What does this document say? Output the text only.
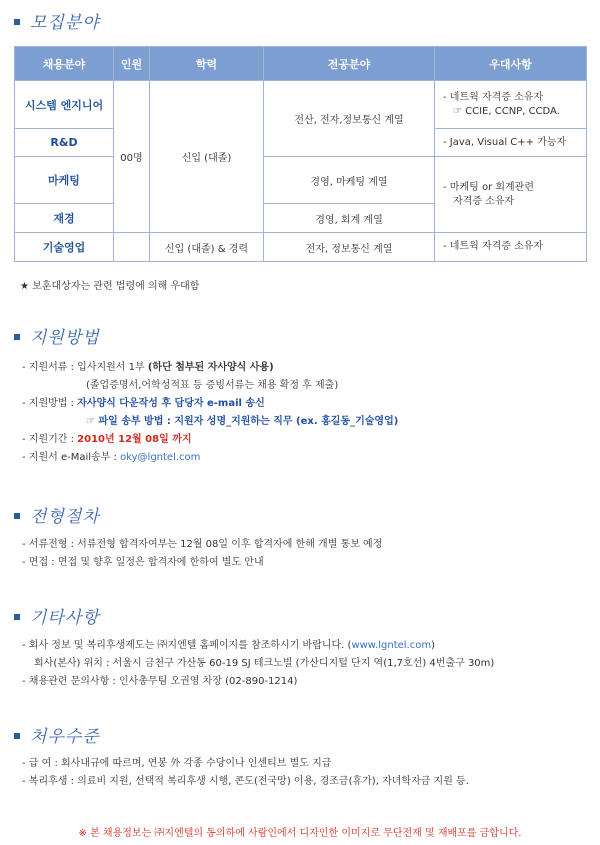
모집분야
채용분야	인원	학력	전공분야	우대사항
시스템 엔지니어	00명	신입 (대졸)	전산, 전자,정보통신 계열	- 네트웍 자격증 소유자
☞ CCIE, CCNP, CCDA.

R&D				- Java, Visual C++ 가능자
마케팅			경영, 마케팅 계열	- 마케팅 or 회계관련
자격증 소유자

재경			경영, 회계 계열	
기술영업		신입 (대졸) & 경력	전자, 정보통신 계열	- 네트웍 자격증 소유자
★ 보훈대상자는 관련 법령에 의해 우대함
지원방법
- 지원서류 : 입사지원서 1부 (하단 첨부된 자사양식 사용)
(졸업증명서,어학성적표 등 증빙서류는 채용 확정 후 제출)
- 지원방법 : 자사양식 다운작성 후 담당자 e-mail 송신
☞ 파일 송부 방법 : 지원자 성명_지원하는 직무 (ex. 홍길동_기술영업)
- 지원기간 : 2010년 12월 08일 까지
- 지원서 e-Mail송부 : oky@lgntel.com
전형절차
- 서류전형 : 서류전형 합격자여부는 12월 08일 이후 합격자에 한해 개별 통보 예정
- 면접 : 면접 및 향후 일정은 합격자에 한하여 별도 안내
기타사항
- 회사 정보 및 복리후생제도는 ㈜지엔텔 홈페이지를 참조하시기 바랍니다. (www.lgntel.com)
회사(본사) 위치 : 서울시 금천구 가산동 60-19 SJ 테크노빌 (가산디지털 단지 역(1,7호선) 4번출구 30m)
- 채용관련 문의사항 : 인사총무팀 오권영 차장 (02-890-1214)
처우수준
- 급 여 : 회사내규에 따르며, 연봉 外 각종 수당이나 인센티브 별도 지급
- 복리후생 : 의료비 지원, 선택적 복리후생 시행, 콘도(전국망) 이용, 경조금(휴가), 자녀학자금 지원 등.
※ 본 채용정보는 ㈜지엔텔의 동의하에 사람인에서 디자인한 이미지로 무단전재 및 재배포를 금합니다.
